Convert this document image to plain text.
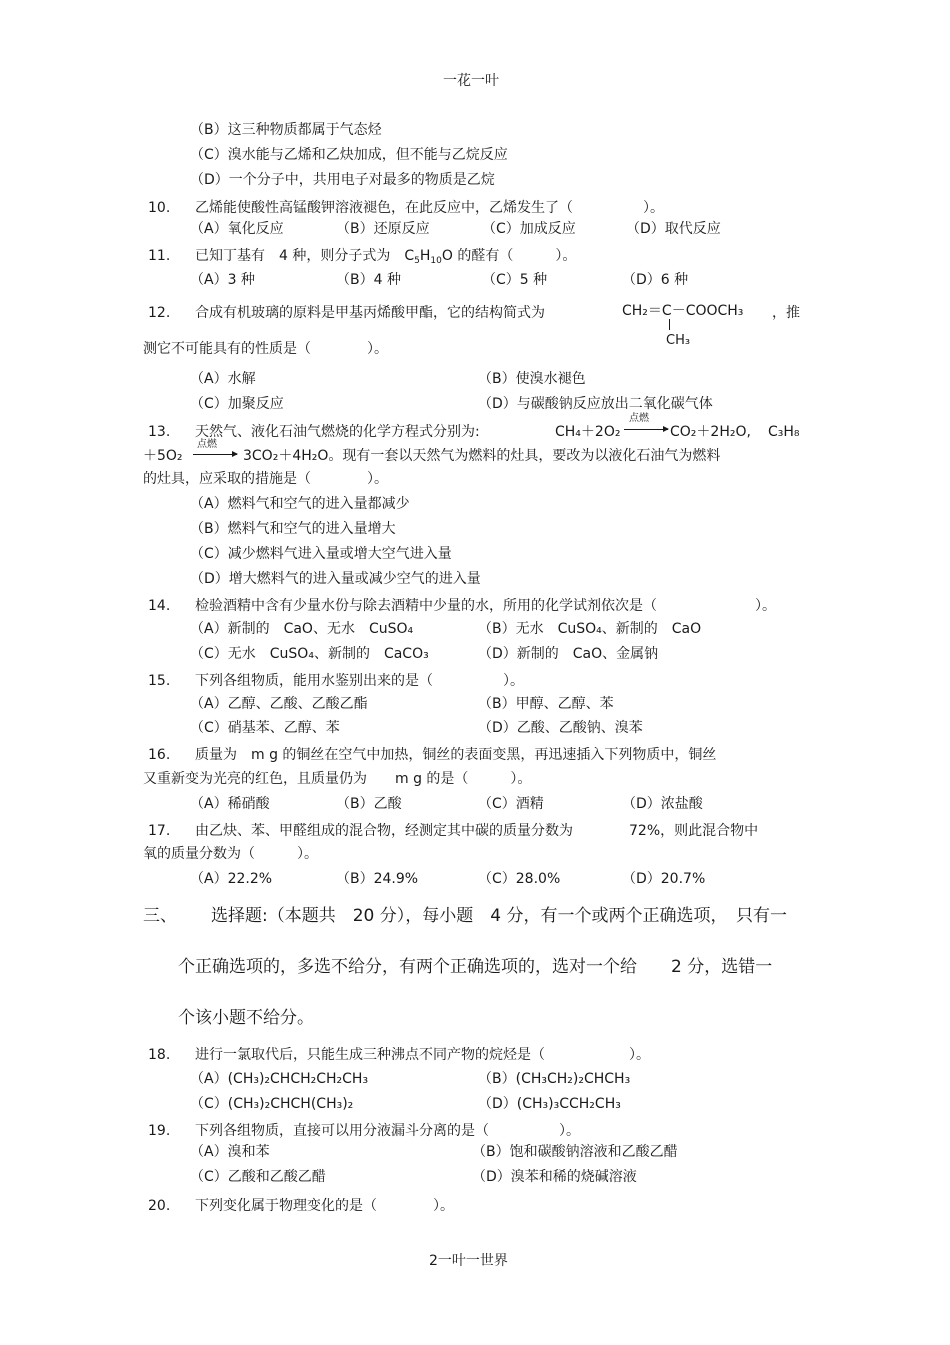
一花一叶
（B）这三种物质都属于气态烃
（C）溴水能与乙烯和乙炔加成，但不能与乙烷反应
（D）一个分子中，共用电子对最多的物质是乙烷
10. 乙烯能使酸性高锰酸钾溶液褪色，在此反应中，乙烯发生了（　　　　　）。
（A）氧化反应	（B）还原反应	（C）加成反应	（D）取代反应
11. 已知丁基有　4 种，则分子式为　$C_5H_{10}O$ 的醛有（　　　）。
（A）3 种	（B）4 种	（C）5 种	（D）6 种
12. 合成有机玻璃的原料是甲基丙烯酸甲酯，它的结构简式为	CH₂＝C－COOCH₃
CH₃
，推
测它不可能具有的性质是（　　　　）。
（A）水解	（B）使溴水褪色
（C）加聚反应	（D）与碳酸钠反应放出二氧化碳气体
13. 天然气、液化石油气燃烧的化学方程式分别为:	CH₄＋2O₂
点燃
CO₂＋2H₂O, C₃H₈
＋5O₂
点燃
3CO₂＋4H₂O。现有一套以天然气为燃料的灶具，要改为以液化石油气为燃料
的灶具，应采取的措施是（　　　　）。
（A）燃料气和空气的进入量都减少
（B）燃料气和空气的进入量增大
（C）减少燃料气进入量或增大空气进入量
（D）增大燃料气的进入量或减少空气的进入量
14. 检验酒精中含有少量水份与除去酒精中少量的水，所用的化学试剂依次是（　　　　　　　）。
（A）新制的　CaO、无水　CuSO₄	（B）无水　CuSO₄、新制的　CaO
（C）无水　CuSO₄、新制的　CaCO₃	（D）新制的　CaO、金属钠
15. 下列各组物质，能用水鉴别出来的是（　　　　　）。
（A）乙醇、乙酸、乙酸乙酯	（B）甲醇、乙醇、苯
（C）硝基苯、乙醇、苯	（D）乙酸、乙酸钠、溴苯
16. 质量为　m g 的铜丝在空气中加热，铜丝的表面变黑，再迅速插入下列物质中，铜丝
又重新变为光亮的红色，且质量仍为　　m g 的是（　　　）。
（A）稀硝酸	（B）乙酸	（C）酒精	（D）浓盐酸
17. 由乙炔、苯、甲醛组成的混合物，经测定其中碳的质量分数为　　　　72%，则此混合物中
氧的质量分数为（　　　）。
（A）22.2%	（B）24.9%	（C）28.0%	（D）20.7%
三、 选择题:（本题共　20 分），每小题　4 分，有一个或两个正确选项，　只有一
个正确选项的，多选不给分，有两个正确选项的，选对一个给　　2 分，选错一
个该小题不给分。
18. 进行一氯取代后，只能生成三种沸点不同产物的烷烃是（　　　　　　）。
（A）(CH₃)₂CHCH₂CH₂CH₃	（B）(CH₃CH₂)₂CHCH₃
（C）(CH₃)₂CHCH(CH₃)₂	（D）(CH₃)₃CCH₂CH₃
19. 下列各组物质，直接可以用分液漏斗分离的是（　　　　　）。
（A）溴和苯	（B）饱和碳酸钠溶液和乙酸乙醋
（C）乙酸和乙酸乙醋	（D）溴苯和稀的烧碱溶液
20. 下列变化属于物理变化的是（　　　　）。
2一叶一世界
